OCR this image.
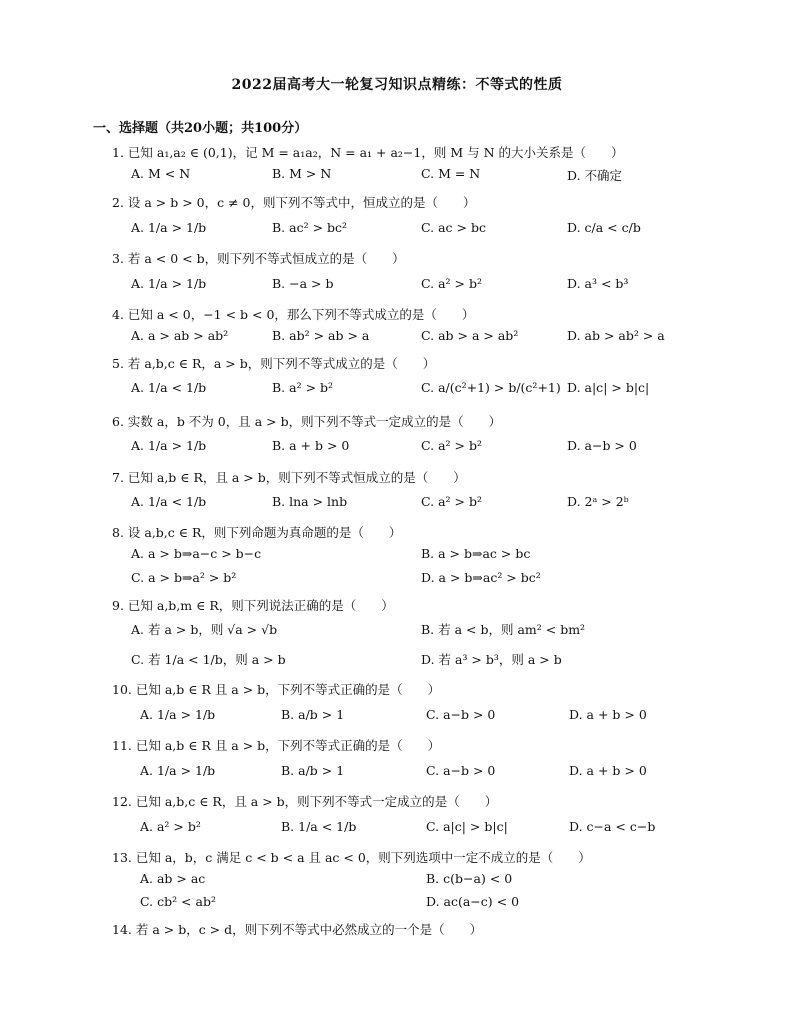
2022届高考大一轮复习知识点精练：不等式的性质
一、选择题（共20小题；共100分）
1. 已知 a₁,a₂ ∈ (0,1)，记 M = a₁a₂，N = a₁ + a₂−1，则 M 与 N 的大小关系是（　　）
A. M < N	B. M > N	C. M = N	D. 不确定
2. 设 a > b > 0，c ≠ 0，则下列不等式中，恒成立的是（　　）
A. 1/a > 1/b	B. ac² > bc²	C. ac > bc	D. c/a < c/b
3. 若 a < 0 < b，则下列不等式恒成立的是（　　）
A. 1/a > 1/b	B. −a > b	C. a² > b²	D. a³ < b³
4. 已知 a < 0，−1 < b < 0，那么下列不等式成立的是（　　）
A. a > ab > ab²	B. ab² > ab > a	C. ab > a > ab²	D. ab > ab² > a
5. 若 a,b,c ∈ R，a > b，则下列不等式成立的是（　　）
A. 1/a < 1/b	B. a² > b²	C. a/(c²+1) > b/(c²+1) D. a|c| > b|c|
6. 实数 a，b 不为 0，且 a > b，则下列不等式一定成立的是（　　）
A. 1/a > 1/b	B. a + b > 0	C. a² > b²	D. a−b > 0
7. 已知 a,b ∈ R，且 a > b，则下列不等式恒成立的是（　　）
A. 1/a < 1/b	B. lna > lnb	C. a² > b²	D. 2ᵃ > 2ᵇ
8. 设 a,b,c ∈ R，则下列命题为真命题的是（　　）
A. a > b⇒a−c > b−c	B. a > b⇒ac > bc
C. a > b⇒a² > b²	D. a > b⇒ac² > bc²
9. 已知 a,b,m ∈ R，则下列说法正确的是（　　）
A. 若 a > b，则 √a > √b	B. 若 a < b，则 am² < bm²
C. 若 1/a < 1/b，则 a > b	D. 若 a³ > b³，则 a > b
10. 已知 a,b ∈ R 且 a > b，下列不等式正确的是（　　）
A. 1/a > 1/b	B. a/b > 1	C. a−b > 0	D. a + b > 0
11. 已知 a,b ∈ R 且 a > b，下列不等式正确的是（　　）
A. 1/a > 1/b	B. a/b > 1	C. a−b > 0	D. a + b > 0
12. 已知 a,b,c ∈ R，且 a > b，则下列不等式一定成立的是（　　）
A. a² > b²	B. 1/a < 1/b	C. a|c| > b|c|	D. c−a < c−b
13. 已知 a，b，c 满足 c < b < a 且 ac < 0，则下列选项中一定不成立的是（　　）
A. ab > ac	B. c(b−a) < 0
C. cb² < ab²	D. ac(a−c) < 0
14. 若 a > b，c > d，则下列不等式中必然成立的一个是（　　）
